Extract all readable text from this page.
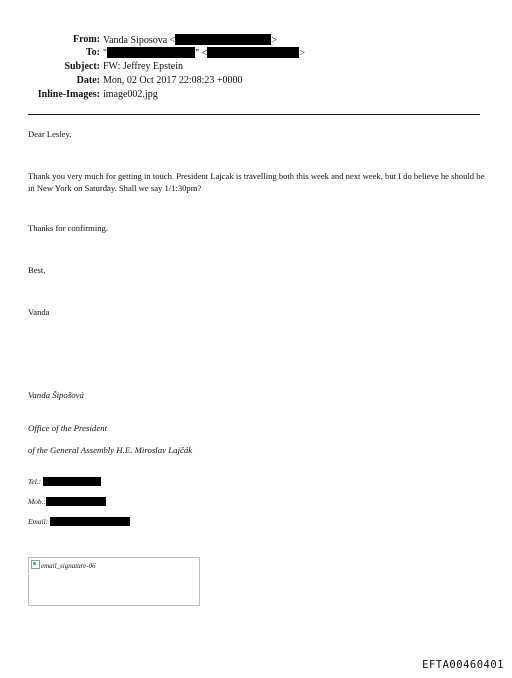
From: Vanda Siposova <	>
To: "	" <	>
Subject: FW: Jeffrey Epstein
Date: Mon, 02 Oct 2017 22:08:23 +0000
Inline-Images: image002.jpg
Dear Lesley,
Thank you very much for getting in touch. President Lajcak is travelling both this week and next week, but I do believe he should be in New York on Saturday. Shall we say 1/1:30pm?
Thanks for confirming.
Best,
Vanda
Vanda Šipošová
Office of the President
of the General Assembly H.E. Miroslav Lajčák
Tel.:
Mob.:
Email:
email_signature-06
EFTA00460401
